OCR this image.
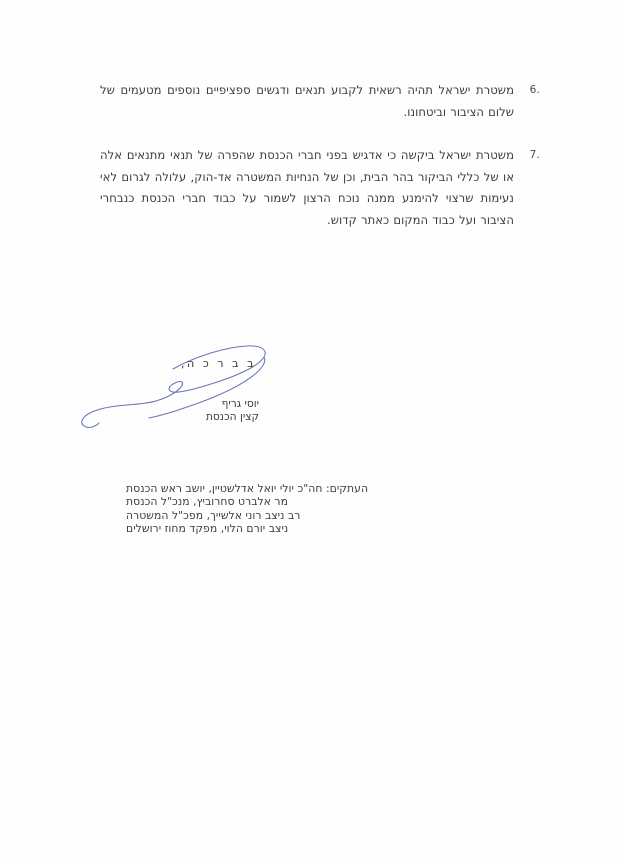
.6
משטרת ישראל תהיה רשאית לקבוע תנאים ודגשים ספציפיים נוספים מטעמים של שלום הציבור וביטחונו.
.7
משטרת ישראל ביקשה כי אדגיש בפני חברי הכנסת שהפרה של תנאי מתנאים אלה או של כללי הביקור בהר הבית, וכן של הנחיות המשטרה אד-הוק, עלולה לגרום לאי נעימות שרצוי להימנע ממנה נוכח הרצון לשמור על כבוד חברי הכנסת כנבחרי הציבור ועל כבוד המקום כאתר קדוש.
ב ב ר כ ה,
יוסי גריף
קצין הכנסת
העתקים: חה"כ יולי יואל אדלשטיין, יושב ראש הכנסת
מר אלברט סחרוביץ, מנכ"ל הכנסת
רב ניצב רוני אלשייך, מפכ"ל המשטרה
ניצב יורם הלוי, מפקד מחוז ירושלים
